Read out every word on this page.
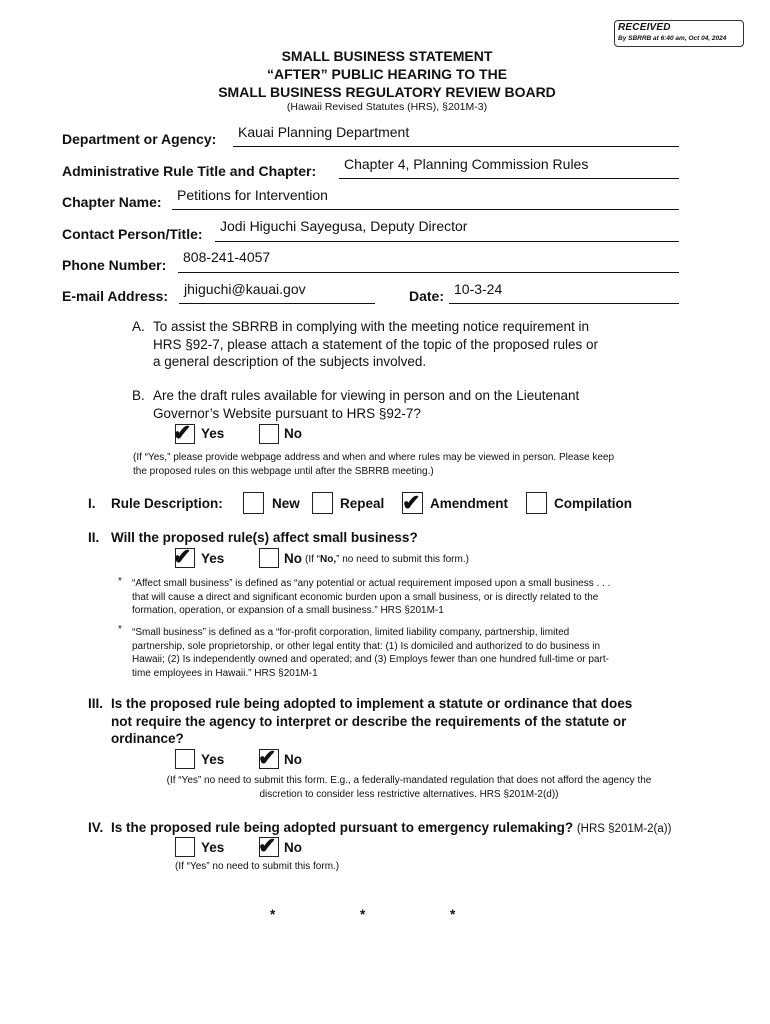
RECEIVED
By SBRRB at 6:40 am, Oct 04, 2024
SMALL BUSINESS STATEMENT
“AFTER” PUBLIC HEARING TO THE
SMALL BUSINESS REGULATORY REVIEW BOARD
(Hawaii Revised Statutes (HRS), §201M-3)
Department or Agency: Kauai Planning Department
Administrative Rule Title and Chapter: Chapter 4, Planning Commission Rules
Chapter Name: Petitions for Intervention
Contact Person/Title: Jodi Higuchi Sayegusa, Deputy Director
Phone Number: 808-241-4057
E-mail Address: jhiguchi@kauai.gov	Date: 10-3-24
A. To assist the SBRRB in complying with the meeting notice requirement in
HRS §92-7, please attach a statement of the topic of the proposed rules or
a general description of the subjects involved.
B. Are the draft rules available for viewing in person and on the Lieutenant
Governor’s Website pursuant to HRS §92-7?
✔ Yes	No
(If “Yes,” please provide webpage address and when and where rules may be viewed in person. Please keep
the proposed rules on this webpage until after the SBRRB meeting.)
I. Rule Description:	New	Repeal ✔ Amendment	Compilation
II. Will the proposed rule(s) affect small business?
✔ Yes	No (If “No,” no need to submit this form.)
* “Affect small business” is defined as “any potential or actual requirement imposed upon a small business . . .
that will cause a direct and significant economic burden upon a small business, or is directly related to the
formation, operation, or expansion of a small business.” HRS §201M-1
* “Small business” is defined as a “for-profit corporation, limited liability company, partnership, limited
partnership, sole proprietorship, or other legal entity that: (1) Is domiciled and authorized to do business in
Hawaii; (2) Is independently owned and operated; and (3) Employs fewer than one hundred full-time or part-
time employees in Hawaii.” HRS §201M-1
III. Is the proposed rule being adopted to implement a statute or ordinance that does
not require the agency to interpret or describe the requirements of the statute or
ordinance?
Yes ✔ No
(If “Yes” no need to submit this form. E.g., a federally-mandated regulation that does not afford the agency the
discretion to consider less restrictive alternatives. HRS §201M-2(d))
IV. Is the proposed rule being adopted pursuant to emergency rulemaking? (HRS §201M-2(a))
Yes ✔ No
(If “Yes” no need to submit this form.)
*	*	*
